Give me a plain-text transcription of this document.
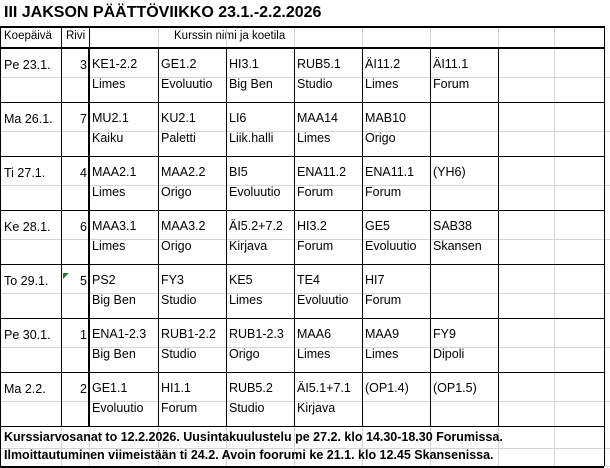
III JAKSON PÄÄTTÖVIIKKO 23.1.-2.2.2026
Koepäivä Rivi	Kurssin nimi ja koetila
Pe 23.1.	3 KE1-2.2
Limes
GE1.2
Evoluutio
HI3.1
Big Ben
RUB5.1
Studio
ÄI11.2
Limes
ÄI11.1
Forum
Ma 26.1.	7 MU2.1
Kaiku
KU2.1
Paletti
LI6
Liik.halli
MAA14
Limes
MAB10
Origo
Ti 27.1.	4 MAA2.1
Limes
MAA2.2
Origo
BI5
Evoluutio
ENA11.2
Forum
ENA11.1
Forum
(YH6)
Ke 28.1.	6 MAA3.1
Limes
MAA3.2
Origo
ÄI5.2+7.2
Kirjava
HI3.2
Forum
GE5
Evoluutio
SAB38
Skansen
To 29.1.	5 PS2
Big Ben
FY3
Studio
KE5
Limes
TE4
Evoluutio
HI7
Forum
Pe 30.1.	1 ENA1-2.3
Big Ben
RUB1-2.2
Studio
RUB1-2.3
Origo
MAA6
Limes
MAA9
Limes
FY9
Dipoli
Ma 2.2.	2 GE1.1
Evoluutio
HI1.1
Forum
RUB5.2
Studio
ÄI5.1+7.1
Kirjava
(OP1.4) (OP1.5)
Kurssiarvosanat to 12.2.2026. Uusintakuulustelu pe 27.2. klo 14.30-18.30 Forumissa.
Ilmoittautuminen viimeistään ti 24.2. Avoin foorumi ke 21.1. klo 12.45 Skansenissa.
